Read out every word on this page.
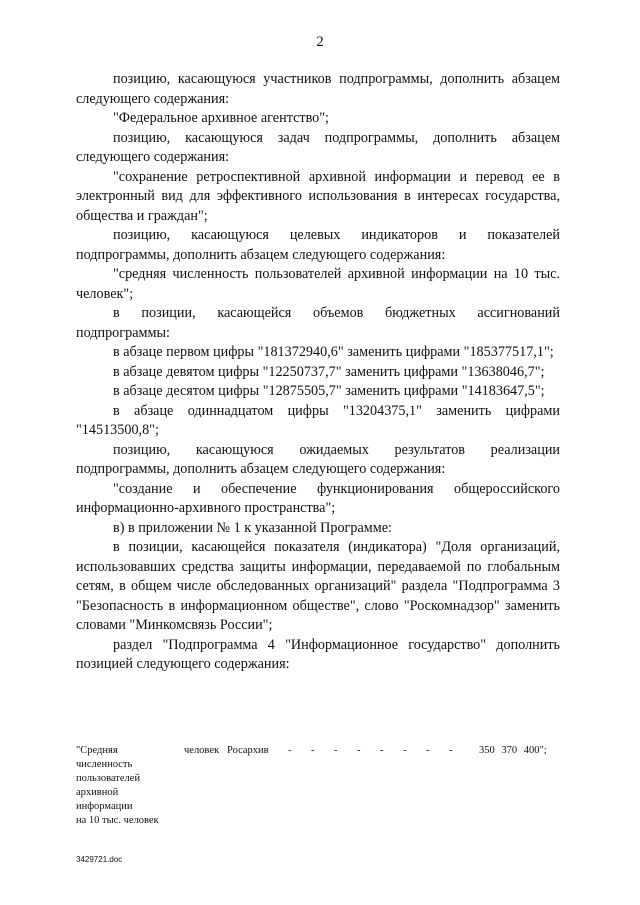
2

позицию, касающуюся участников подпрограммы, дополнить абзацем следующего содержания:

"Федеральное архивное агентство";

позицию, касающуюся задач подпрограммы, дополнить абзацем следующего содержания:

"сохранение ретроспективной архивной информации и перевод ее в электронный вид для эффективного использования в интересах государства, общества и граждан";

позицию, касающуюся целевых индикаторов и показателей подпрограммы, дополнить абзацем следующего содержания:

"средняя численность пользователей архивной информации на 10 тыс. человек";

в позиции, касающейся объемов бюджетных ассигнований подпрограммы:

в абзаце первом цифры "181372940,6" заменить цифрами "185377517,1";

в абзаце девятом цифры "12250737,7" заменить цифрами "13638046,7";

в абзаце десятом цифры "12875505,7" заменить цифрами "14183647,5";

в абзаце одиннадцатом цифры "13204375,1" заменить цифрами "14513500,8";

позицию, касающуюся ожидаемых результатов реализации подпрограммы, дополнить абзацем следующего содержания:

"создание и обеспечение функционирования общероссийского информационно-архивного пространства";

в) в приложении № 1 к указанной Программе:

в позиции, касающейся показателя (индикатора) "Доля организаций, использовавших средства защиты информации, передаваемой по глобальным сетям, в общем числе обследованных организаций" раздела "Подпрограмма 3 "Безопасность в информационном обществе", слово "Роскомнадзор" заменить словами "Минкомсвязь России";

раздел "Подпрограмма 4 "Информационное государство" дополнить позицией следующего содержания:

"Средняя
численность
пользователей
архивной
информации
на 10 тыс. человек
человек Росархив -	-	-	-	-	-	-	-	350 370 400";
3429721.doc
